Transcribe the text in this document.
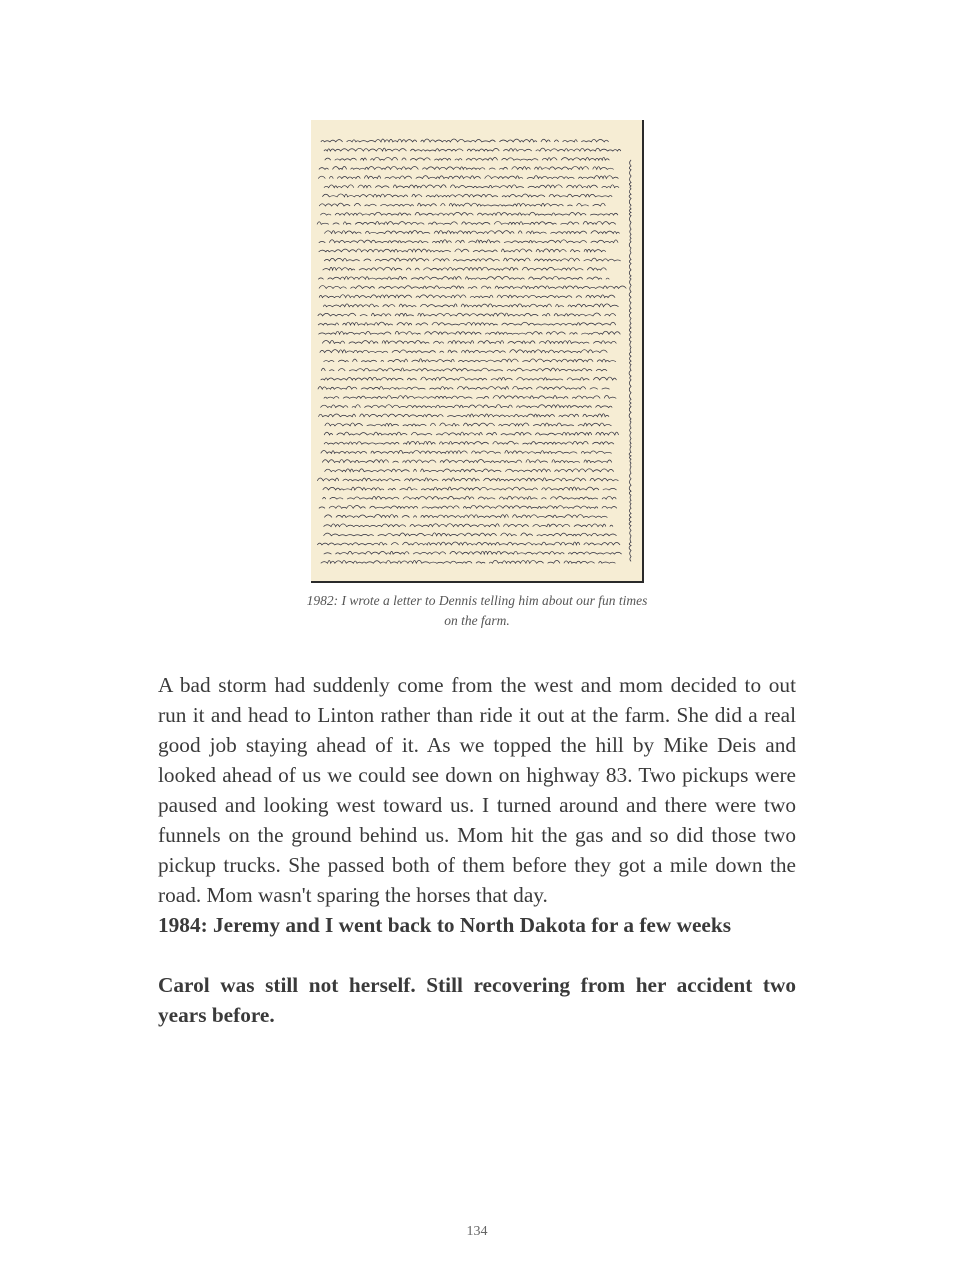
1982: I wrote a letter to Dennis telling him about our fun times on the farm.

A bad storm had suddenly come from the west and mom decided to out run it and head to Linton rather than ride it out at the farm. She did a real good job staying ahead of it. As we topped the hill by Mike Deis and looked ahead of us we could see down on highway 83. Two pickups were paused and looking west toward us. I turned around and there were two funnels on the ground behind us. Mom hit the gas and so did those two pickup trucks. She passed both of them before they got a mile down the road. Mom wasn't sparing the horses that day.

1984: Jeremy and I went back to North Dakota for a few weeks

Carol was still not herself. Still recovering from her accident two years before.

134
